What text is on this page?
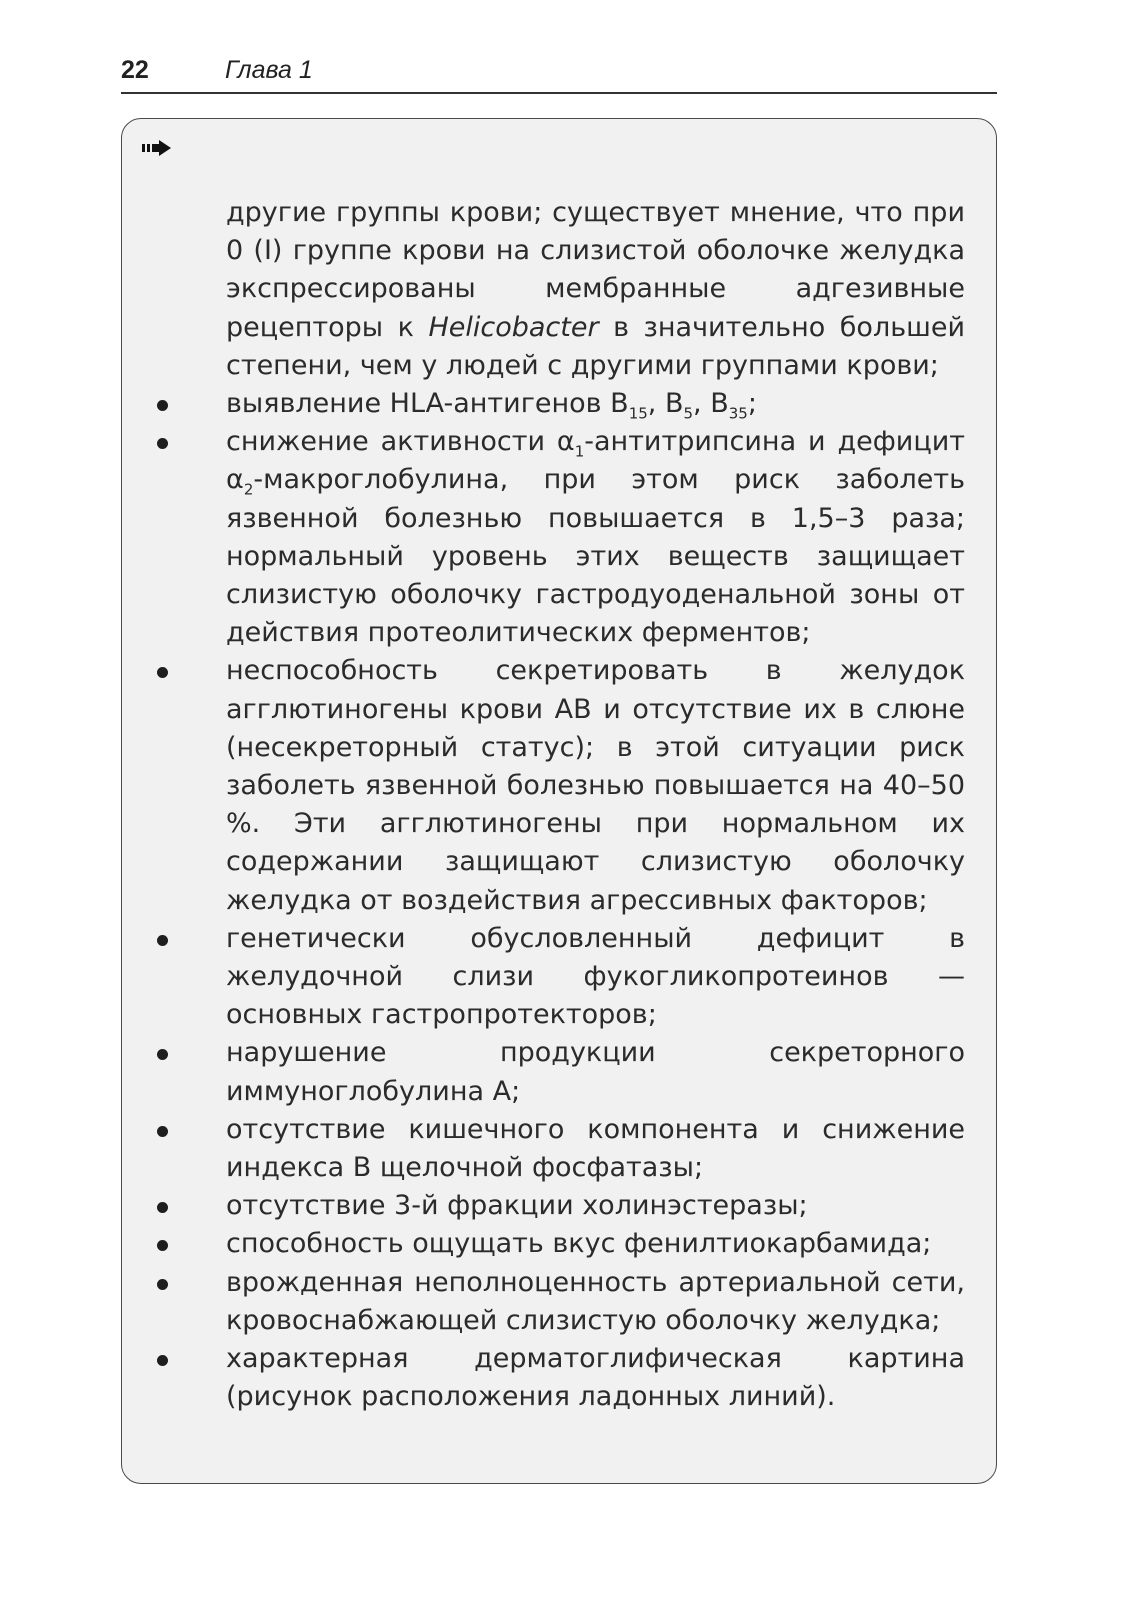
22	Глава 1

другие группы крови; существует мнение, что при 0 (I) группе крови на слизистой оболочке желудка экспрессированы мембранные адгезивные рецепторы к Helicobacter в значительно большей степени, чем у людей с другими группами крови;

выявление HLA-антигенов $B_{15}$, $B_5$, $B_{35}$;
снижение активности $\alpha_1$-антитрипсина и дефицит $\alpha_2$-макроглобулина, при этом риск заболеть язвенной болезнью повышается в 1,5–3 раза; нормальный уровень этих веществ защищает слизистую оболочку гастродуоденальной зоны от действия протеолитических ферментов;
неспособность секретировать в желудок агглютиногены крови AB и отсутствие их в слюне (несекреторный статус); в этой ситуации риск заболеть язвенной болезнью повышается на 40–50 %. Эти агглютиногены при нормальном их содержании защищают слизистую оболочку желудка от воздействия агрессивных факторов;
генетически обусловленный дефицит в желудочной слизи фукогликопротеинов — основных гастропротекторов;
нарушение продукции секреторного иммуноглобулина A;
отсутствие кишечного компонента и снижение индекса B щелочной фосфатазы;
отсутствие 3-й фракции холинэстеразы;
способность ощущать вкус фенилтиокарбамида;
врожденная неполноценность артериальной сети, кровоснабжающей слизистую оболочку желудка;
характерная дерматоглифическая картина (рисунок расположения ладонных линий).
